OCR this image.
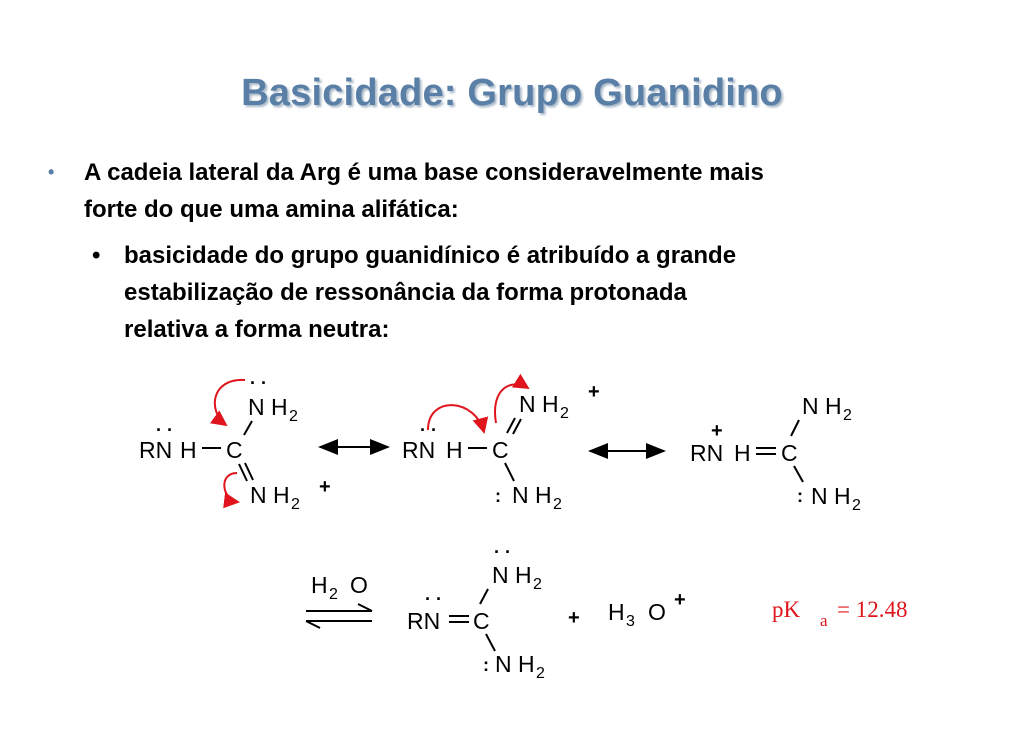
Basicidade: Grupo Guanidino
• A cadeia lateral da Arg é uma base consideravelmente mais
forte do que uma amina alifática:
• basicidade do grupo guanidínico é atribuído a grande
estabilização de ressonância da forma protonada
relativa a forma neutra:
· ·
N H 2
· ·
RN H C
N H 2
+
N H 2
+
· ·
RN H C
: N H 2
N H 2
+
RN H C
: N H 2
H 2 O
· ·
N H 2
· ·
RN C
: N H 2
+ H 3 O +	pK a = 12.48
